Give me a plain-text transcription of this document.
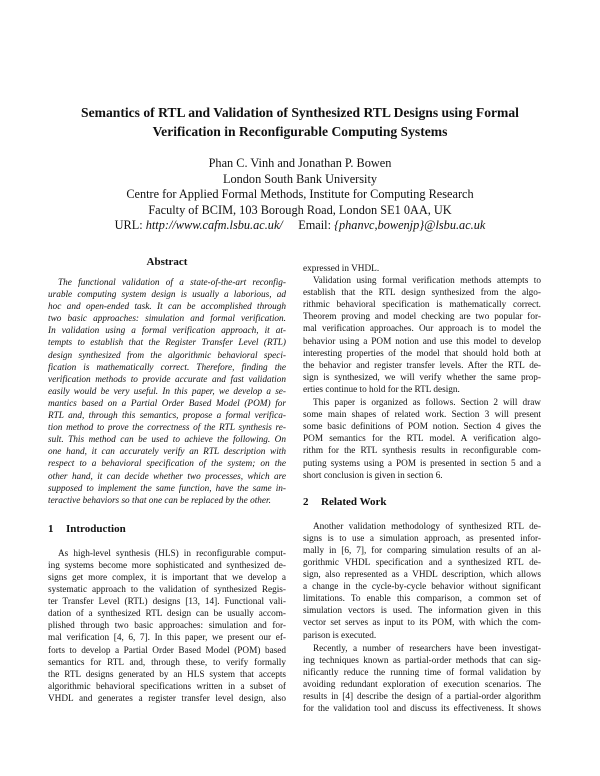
Semantics of RTL and Validation of Synthesized RTL Designs using Formal
Verification in Reconfigurable Computing Systems
Phan C. Vinh and Jonathan P. Bowen
London South Bank University
Centre for Applied Formal Methods, Institute for Computing Research
Faculty of BCIM, 103 Borough Road, London SE1 0AA, UK
URL: http://www.cafm.lsbu.ac.uk/ Email: {phanvc,bowenjp}@lsbu.ac.uk
Abstract
The functional validation of a state-of-the-art reconfig-
urable computing system design is usually a laborious, ad
hoc and open-ended task. It can be accomplished through
two basic approaches: simulation and formal verification.
In validation using a formal verification approach, it at-
tempts to establish that the Register Transfer Level (RTL)
design synthesized from the algorithmic behavioral speci-
fication is mathematically correct. Therefore, finding the
verification methods to provide accurate and fast validation
easily would be very useful. In this paper, we develop a se-
mantics based on a Partial Order Based Model (POM) for
RTL and, through this semantics, propose a formal verifica-
tion method to prove the correctness of the RTL synthesis re-
sult. This method can be used to achieve the following. On
one hand, it can accurately verify an RTL description with
respect to a behavioral specification of the system; on the
other hand, it can decide whether two processes, which are
supposed to implement the same function, have the same in-
teractive behaviors so that one can be replaced by the other.
1 Introduction
As high-level synthesis (HLS) in reconfigurable comput-
ing systems become more sophisticated and synthesized de-
signs get more complex, it is important that we develop a
systematic approach to the validation of synthesized Regis-
ter Transfer Level (RTL) designs [13, 14]. Functional vali-
dation of a synthesized RTL design can be usually accom-
plished through two basic approaches: simulation and for-
mal verification [4, 6, 7]. In this paper, we present our ef-
forts to develop a Partial Order Based Model (POM) based
semantics for RTL and, through these, to verify formally
the RTL designs generated by an HLS system that accepts
algorithmic behavioral specifications written in a subset of
VHDL and generates a register transfer level design, also
expressed in VHDL.
Validation using formal verification methods attempts to
establish that the RTL design synthesized from the algo-
rithmic behavioral specification is mathematically correct.
Theorem proving and model checking are two popular for-
mal verification approaches. Our approach is to model the
behavior using a POM notion and use this model to develop
interesting properties of the model that should hold both at
the behavior and register transfer levels. After the RTL de-
sign is synthesized, we will verify whether the same prop-
erties continue to hold for the RTL design.
This paper is organized as follows. Section 2 will draw
some main shapes of related work. Section 3 will present
some basic definitions of POM notion. Section 4 gives the
POM semantics for the RTL model. A verification algo-
rithm for the RTL synthesis results in reconfigurable com-
puting systems using a POM is presented in section 5 and a
short conclusion is given in section 6.
2 Related Work
Another validation methodology of synthesized RTL de-
signs is to use a simulation approach, as presented infor-
mally in [6, 7], for comparing simulation results of an al-
gorithmic VHDL specification and a synthesized RTL de-
sign, also represented as a VHDL description, which allows
a change in the cycle-by-cycle behavior without significant
limitations. To enable this comparison, a common set of
simulation vectors is used. The information given in this
vector set serves as input to its POM, with which the com-
parison is executed.
Recently, a number of researchers have been investigat-
ing techniques known as partial-order methods that can sig-
nificantly reduce the running time of formal validation by
avoiding redundant exploration of execution scenarios. The
results in [4] describe the design of a partial-order algorithm
for the validation tool and discuss its effectiveness. It shows
